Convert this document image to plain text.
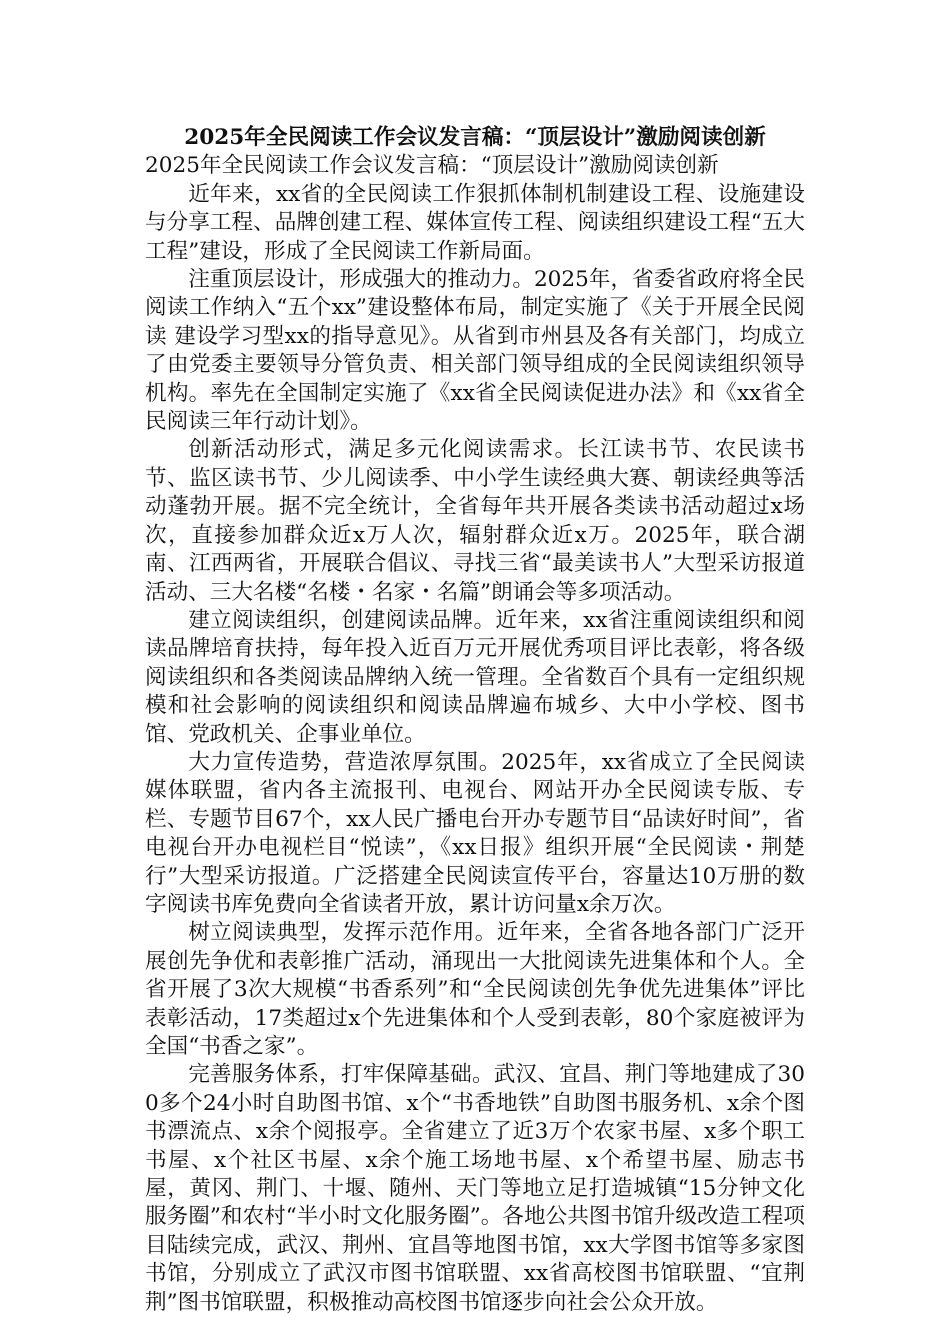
2025年全民阅读工作会议发言稿：“顶层设计”激励阅读创新

2025年全民阅读工作会议发言稿：“顶层设计”激励阅读创新

近年来，xx省的全民阅读工作狠抓体制机制建设工程、设施建设与分享工程、品牌创建工程、媒体宣传工程、阅读组织建设工程“五大工程”建设，形成了全民阅读工作新局面。

注重顶层设计，形成强大的推动力。2025年，省委省政府将全民阅读工作纳入“五个xx”建设整体布局，制定实施了《关于开展全民阅读 建设学习型xx的指导意见》。从省到市州县及各有关部门，均成立了由党委主要领导分管负责、相关部门领导组成的全民阅读组织领导机构。率先在全国制定实施了《xx省全民阅读促进办法》和《xx省全民阅读三年行动计划》。

创新活动形式，满足多元化阅读需求。长江读书节、农民读书节、监区读书节、少儿阅读季、中小学生读经典大赛、朝读经典等活动蓬勃开展。据不完全统计，全省每年共开展各类读书活动超过x场次，直接参加群众近x万人次，辐射群众近x万。2025年，联合湖南、江西两省，开展联合倡议、寻找三省“最美读书人”大型采访报道活动、三大名楼“名楼・名家・名篇”朗诵会等多项活动。

建立阅读组织，创建阅读品牌。近年来，xx省注重阅读组织和阅读品牌培育扶持，每年投入近百万元开展优秀项目评比表彰，将各级阅读组织和各类阅读品牌纳入统一管理。全省数百个具有一定组织规模和社会影响的阅读组织和阅读品牌遍布城乡、大中小学校、图书馆、党政机关、企事业单位。

大力宣传造势，营造浓厚氛围。2025年，xx省成立了全民阅读媒体联盟，省内各主流报刊、电视台、网站开办全民阅读专版、专栏、专题节目67个，xx人民广播电台开办专题节目“品读好时间”，省电视台开办电视栏目“悦读”，《xx日报》组织开展“全民阅读・荆楚行”大型采访报道。广泛搭建全民阅读宣传平台，容量达10万册的数字阅读书库免费向全省读者开放，累计访问量x余万次。

树立阅读典型，发挥示范作用。近年来，全省各地各部门广泛开展创先争优和表彰推广活动，涌现出一大批阅读先进集体和个人。全省开展了3次大规模“书香系列”和“全民阅读创先争优先进集体”评比表彰活动，17类超过x个先进集体和个人受到表彰，80个家庭被评为全国“书香之家”。

完善服务体系，打牢保障基础。武汉、宜昌、荆门等地建成了300多个24小时自助图书馆、x个“书香地铁”自助图书服务机、x余个图书漂流点、x余个阅报亭。全省建立了近3万个农家书屋、x多个职工书屋、x个社区书屋、x余个施工场地书屋、x个希望书屋、励志书屋，黄冈、荆门、十堰、随州、天门等地立足打造城镇“15分钟文化服务圈”和农村“半小时文化服务圈”。各地公共图书馆升级改造工程项目陆续完成，武汉、荆州、宜昌等地图书馆，xx大学图书馆等多家图书馆，分别成立了武汉市图书馆联盟、xx省高校图书馆联盟、“宜荆荆”图书馆联盟，积极推动高校图书馆逐步向社会公众开放。
